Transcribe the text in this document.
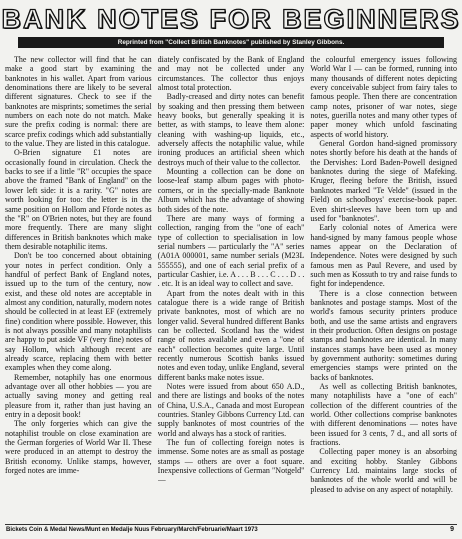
BANK NOTES FOR BEGINNERS
Reprinted from "Collect British Banknotes" published by Stanley Gibbons.

The new collector will find that he can make a good start by examining the banknotes in his wallet. Apart from various denominations there are likely to be several different signatures. Check to see if the banknotes are misprints; sometimes the serial numbers on each note do not match. Make sure the prefix coding is normal: there are scarce prefix codings which add substantially to the value. They are listed in this catalogue.

O-Brien signature £1 notes are occasionally found in circulation. Check the backs to see if a little "R" occupies the space above the framed "Bank of England" on the lower left side: it is a rarity. "G" notes are worth looking for too: the letter is in the same position on Hollom and Fforde notes as the "R" on O'Brien notes, but they are found more frequently. There are many slight differences in British banknotes which make them desirable notaphilic items.

Don't be too concerned about obtaining your notes in perfect condition. Only a handful of perfect Bank of England notes, issued up to the turn of the century, now exist, and these old notes are acceptable in almost any condition, naturally, modern notes should be collected in at least EF (extremely fine) condition where possible. However, this is not always possible and many notaphilists are happy to put aside VF (very fine) notes of say Hollom, which although recent are already scarce, replacing them with better examples when they come along.

Remember, notaphily has one enormous advantage over all other hobbies — you are actually saving money and getting real pleasure from it, rather than just having an entry in a deposit book!

The only forgeries which can give the notaphilist trouble on close examination are the German forgeries of World War II. These were produced in an attempt to destroy the British economy. Unlike stamps, however, forged notes are imme-

diately confiscated by the Bank of England and may not be collected under any circumstances. The collector thus enjoys almost total protection.

Badly-creased and dirty notes can benefit by soaking and then pressing them between heavy books, but generally speaking it is better, as with stamps, to leave them alone: cleaning with washing-up liquids, etc., adversely affects the notaphilic value, while ironing produces an artificial sheen which destroys much of their value to the collector.

Mounting a collection can be done on loose-leaf stamp album pages with photo-corners, or in the specially-made Banknote Album which has the advantage of showing both sides of the note.

There are many ways of forming a collection, ranging from the "one of each" type of collection to specialisation in low serial numbers — particularly the "A" series (A01A 000001, same number serials (M23L 555555), and one of each serial prefix of a particular Cashier, i.e. A . . . B . . . C . . . D . . . etc. It is an ideal way to collect and save.

Apart from the notes dealt with in this catalogue there is a wide range of British private banknotes, most of which are no longer valid. Several hundred different Banks can be collected. Scotland has the widest range of notes available and even a "one of each" collection becomes quite large. Until recently numerous Scottish banks issued notes and even today, unlike England, several different banks make notes issue.

Notes were issued from about 650 A.D., and there are listings and books of the notes of China, U.S.A., Canada and most European countries. Stanley Gibbons Currency Ltd. can supply banknotes of most countries of the world and always has a stock of rarities.

The fun of collecting foreign notes is immense. Some notes are as small as postage stamps — others are over a foot square. Inexpensive collections of German "Notgeld" —

the colourful emergency issues following World War I — can be formed, running into many thousands of different notes depicting every conceivable subject from fairy tales to famous people. Then there are concentration camp notes, prisoner of war notes, siege notes, guerilla notes and many other types of paper money which unfold fascinating aspects of world history.

General Gordon hand-signed promissory notes shortly before his death at the hands of the Dervishes: Lord Baden-Powell designed banknotes during the siege of Mafeking. Kruger, fleeing before the British, issued banknotes marked "Te Velde" (issued in the Field) on schoolboys' exercise-book paper. Even shirt-sleeves have been torn up and used for "banknotes".

Early colonial notes of America were hand-signed by many famous people whose names appear on the Declaration of Independence. Notes were designed by such famous men as Paul Revere, and used by such men as Kossuth to try and raise funds to fight for independence.

There is a close connection between banknotes and postage stamps. Most of the world's famous security printers produce both, and use the same artists and engravers in their production. Often designs on postage stamps and banknotes are identical. In many instances stamps have been used as money by government authority: sometimes during emergencies stamps were printed on the backs of banknotes.

As well as collecting British banknotes, many notaphilists have a "one of each" collection of the different countries of the world. Other collections comprise banknotes with different denominations — notes have been issued for 3 cents, 7 d., and all sorts of fractions.

Collecting paper money is an absorbing and exciting hobby. Stanley Gibbons Currency Ltd. maintains large stocks of banknotes of the whole world and will be pleased to advise on any aspect of notaphily.

Bickets Coin & Medal News/Munt en Medalje Nuus February/March/Februarie/Maart 1973	9
